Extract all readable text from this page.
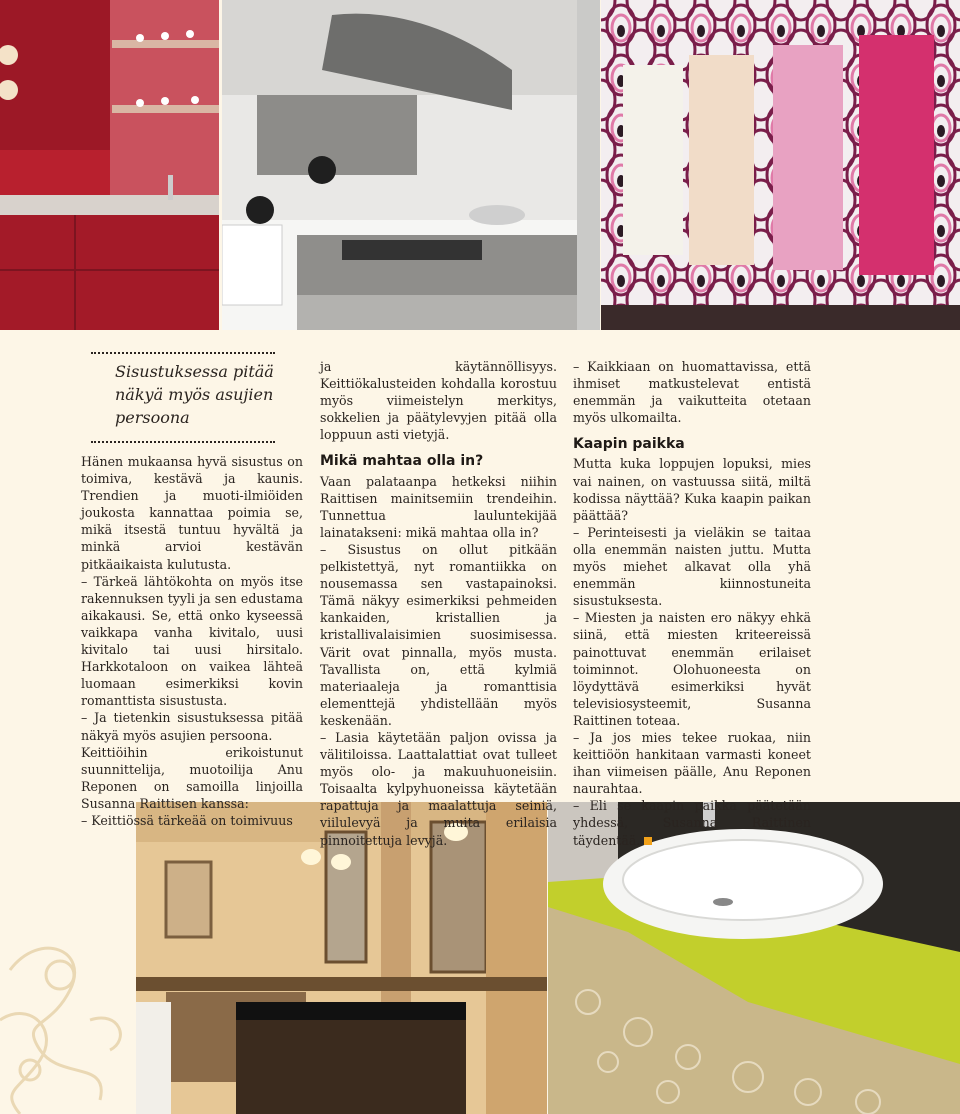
Sisustuksessa pitää näkyä myös asujien persoona

Hänen mukaansa hyvä sisustus on toimiva, kestävä ja kaunis. Trendien ja muoti-ilmiöiden joukosta kannattaa poimia se, mikä itsestä tuntuu hyvältä ja minkä arvioi kestävän pitkäaikaista kulutusta.

– Tärkeä lähtökohta on myös itse rakennuksen tyyli ja sen edustama aikakausi. Se, että onko kyseessä vaikkapa vanha kivitalo, uusi kivitalo tai uusi hirsitalo. Harkkotaloon on vaikea lähteä luomaan esimerkiksi kovin romanttista sisustusta.

– Ja tietenkin sisustuksessa pitää näkyä myös asujien persoona.

Keittiöihin erikoistunut suunnittelija, muotoilija Anu Reponen on samoilla linjoilla Susanna Raittisen kanssa:

– Keittiössä tärkeää on toimivuus

ja käytännöllisyys. Keittiökalusteiden kohdalla korostuu myös viimeistelyn merkitys, sokkelien ja päätylevyjen pitää olla loppuun asti vietyjä.

Mikä mahtaa olla in?

Vaan palataanpa hetkeksi niihin Raittisen mainitsemiin trendeihin. Tunnettua lauluntekijää lainatakseni: mikä mahtaa olla in?

– Sisustus on ollut pitkään pelkistettyä, nyt romantiikka on nousemassa sen vastapainoksi. Tämä näkyy esimerkiksi pehmeiden kankaiden, kristallien ja kristallivalaisimien suosimisessa. Värit ovat pinnalla, myös musta. Tavallista on, että kylmiä materiaaleja ja romanttisia elementtejä yhdistellään myös keskenään.

– Lasia käytetään paljon ovissa ja välitiloissa. Laattalattiat ovat tulleet myös olo- ja makuuhuoneisiin. Toisaalta kylpyhuoneissa käytetään rapattuja ja maalattuja seiniä, viilulevyä ja muita erilaisia pinnoitettuja levyjä.

– Kaikkiaan on huomattavissa, että ihmiset matkustelevat entistä enemmän ja vaikutteita otetaan myös ulkomailta.

Kaapin paikka

Mutta kuka loppujen lopuksi, mies vai nainen, on vastuussa siitä, miltä kodissa näyttää? Kuka kaapin paikan päättää?

– Perinteisesti ja vieläkin se taitaa olla enemmän naisten juttu. Mutta myös miehet alkavat olla yhä enemmän kiinnostuneita sisustuksesta.

– Miesten ja naisten ero näkyy ehkä siinä, että miesten kriteereissä painottuvat enemmän erilaiset toiminnot. Olohuoneesta on löydyttävä esimerkiksi hyvät televisiosysteemit, Susanna Raittinen toteaa.

– Ja jos mies tekee ruokaa, niin keittiöön hankitaan varmasti koneet ihan viimeisen päälle, Anu Reponen naurahtaa.

– Eli se kaapin paikka päätetään yhdessä, Susanna Raittinen täydentää.
